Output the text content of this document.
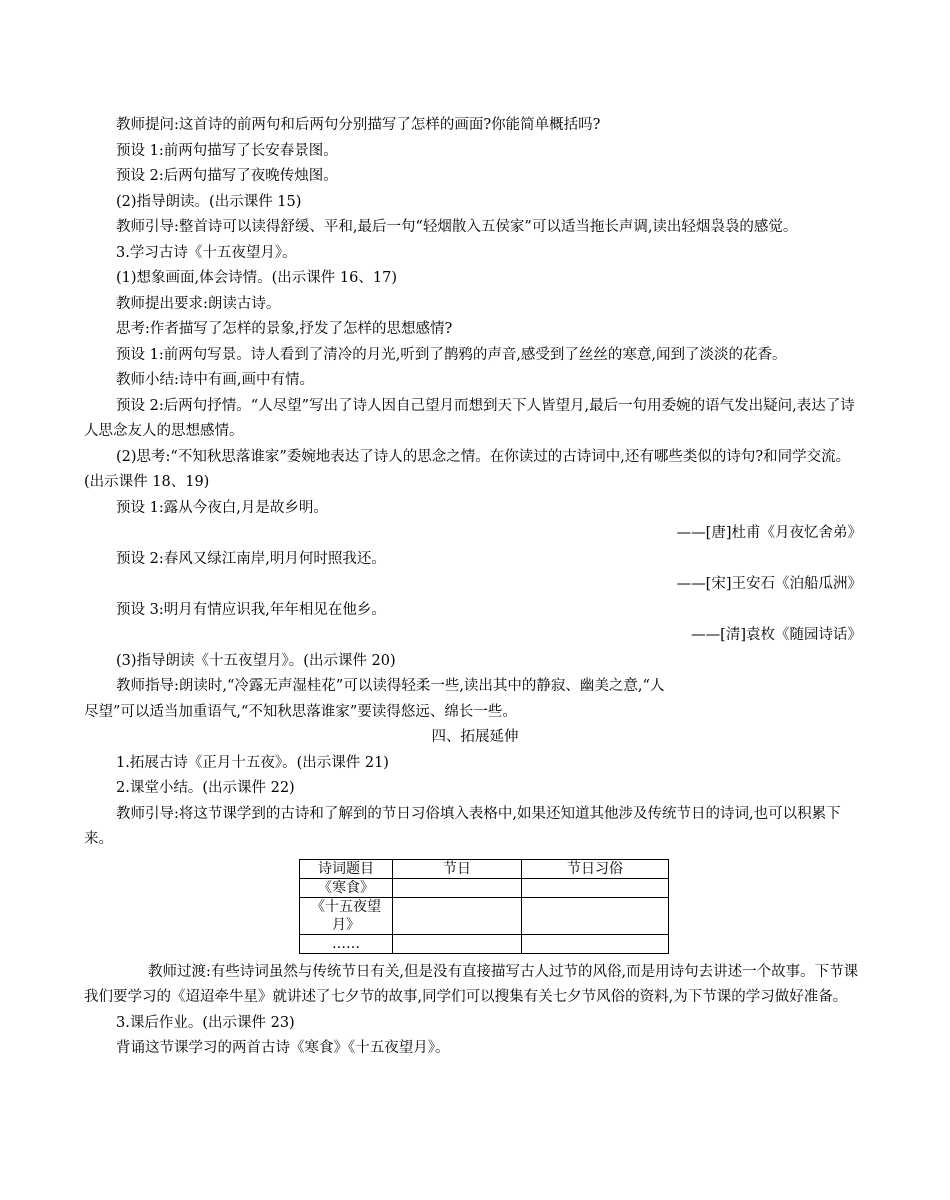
教师提问:这首诗的前两句和后两句分别描写了怎样的画面?你能简单概括吗?

预设 1:前两句描写了长安春景图。

预设 2:后两句描写了夜晚传烛图。

(2)指导朗读。(出示课件 15)

教师引导:整首诗可以读得舒缓、平和,最后一句“轻烟散入五侯家”可以适当拖长声调,读出轻烟袅袅的感觉。

3.学习古诗《十五夜望月》。

(1)想象画面,体会诗情。(出示课件 16、17)

教师提出要求:朗读古诗。

思考:作者描写了怎样的景象,抒发了怎样的思想感情?

预设 1:前两句写景。诗人看到了清冷的月光,听到了鹊鸦的声音,感受到了丝丝的寒意,闻到了淡淡的花香。

教师小结:诗中有画,画中有情。

预设 2:后两句抒情。“人尽望”写出了诗人因自己望月而想到天下人皆望月,最后一句用委婉的语气发出疑问,表达了诗人思念友人的思想感情。

(2)思考:“不知秋思落谁家”委婉地表达了诗人的思念之情。在你读过的古诗词中,还有哪些类似的诗句?和同学交流。(出示课件 18、19)

预设 1:露从今夜白,月是故乡明。

——[唐]杜甫《月夜忆舍弟》

预设 2:春风又绿江南岸,明月何时照我还。

——[宋]王安石《泊船瓜洲》

预设 3:明月有情应识我,年年相见在他乡。

——[清]袁枚《随园诗话》

(3)指导朗读《十五夜望月》。(出示课件 20)

教师指导:朗读时,“冷露无声湿桂花”可以读得轻柔一些,读出其中的静寂、幽美之意,“人

尽望”可以适当加重语气,“不知秋思落谁家”要读得悠远、绵长一些。

四、拓展延伸

1.拓展古诗《正月十五夜》。(出示课件 21)

2.课堂小结。(出示课件 22)

教师引导:将这节课学到的古诗和了解到的节日习俗填入表格中,如果还知道其他涉及传统节日的诗词,也可以积累下来。

诗词题目	节日	节日习俗
《寒食》		
《十五夜望月》		
……		

教师过渡:有些诗词虽然与传统节日有关,但是没有直接描写古人过节的风俗,而是用诗句去讲述一个故事。下节课我们要学习的《迢迢牵牛星》就讲述了七夕节的故事,同学们可以搜集有关七夕节风俗的资料,为下节课的学习做好准备。

3.课后作业。(出示课件 23)

背诵这节课学习的两首古诗《寒食》《十五夜望月》。
